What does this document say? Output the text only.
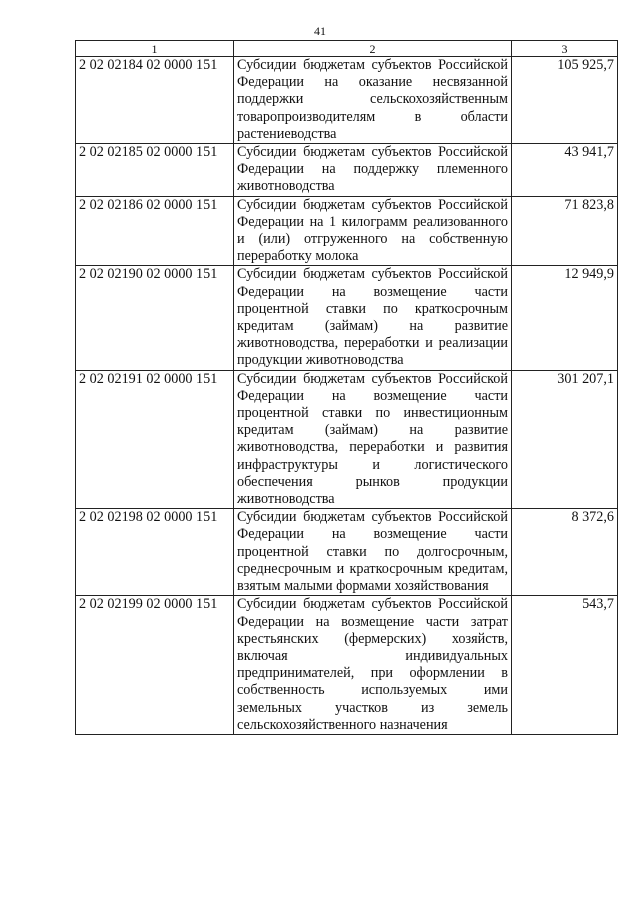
41
1	2	3
2 02 02184 02 0000 151	Субсидии бюджетам субъектов Российской Федерации на оказание несвязанной поддержки сельскохозяйственным товаропроизводителям в области растениеводства	105 925,7
2 02 02185 02 0000 151	Субсидии бюджетам субъектов Российской Федерации на поддержку племенного животноводства	43 941,7
2 02 02186 02 0000 151	Субсидии бюджетам субъектов Российской Федерации на 1 килограмм реализованного и (или) отгруженного на собственную переработку молока	71 823,8
2 02 02190 02 0000 151	Субсидии бюджетам субъектов Российской Федерации на возмещение части процентной ставки по краткосрочным кредитам (займам) на развитие животноводства, переработки и реализации продукции животноводства	12 949,9
2 02 02191 02 0000 151	Субсидии бюджетам субъектов Российской Федерации на возмещение части процентной ставки по инвестиционным кредитам (займам) на развитие животноводства, переработки и развития инфраструктуры и логистического обеспечения рынков продукции животноводства	301 207,1
2 02 02198 02 0000 151	Субсидии бюджетам субъектов Российской Федерации на возмещение части процентной ставки по долгосрочным, среднесрочным и краткосрочным кредитам, взятым малыми формами хозяйствования	8 372,6
2 02 02199 02 0000 151	Субсидии бюджетам субъектов Российской Федерации на возмещение части затрат крестьянских (фермерских) хозяйств, включая индивидуальных предпринимателей, при оформлении в собственность используемых ими земельных участков из земель сельскохозяйственного назначения	543,7
